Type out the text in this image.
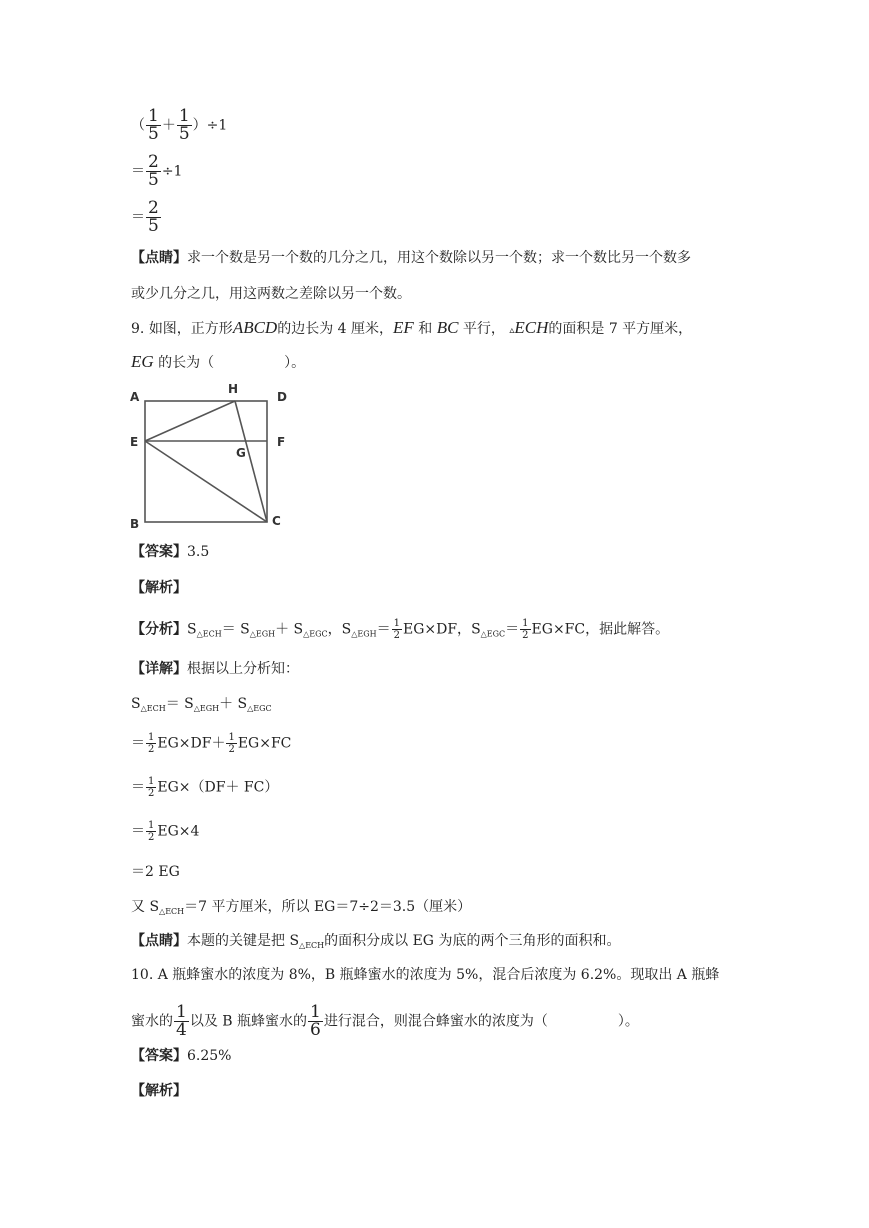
（ $\frac{1}{5} + \frac{1}{5} )\div 1$
＝ $\frac{2}{5} \div 1$
＝ $\frac{2}{5}$
【点睛】求一个数是另一个数的几分之几，用这个数除以另一个数；求一个数比另一个数多
或少几分之几，用这两数之差除以另一个数。
9. 如图，正方形ABCD的边长为 4 厘米，EF 和 BC 平行， ▵ECH的面积是 7 平方厘米，
EG 的长为（	）。
A
H
D
E	F
G
B	C
【答案】3.5
【解析】
【分析】$S_{\triangle ECH}= S_{\triangle EGH}+ S_{\triangle EGC}$，$S_{\triangle EGH}= \frac{1}{2} EG\times DF$，$S_{\triangle EGC}= \frac{1}{2} EG\times FC$，据此解答。
【详解】根据以上分析知：
$S_{\triangle ECH}= S_{\triangle EGH}+ S_{\triangle EGC}$
＝ $\frac{1}{2} EG\times DF+ \frac{1}{2} EG\times FC$
＝ $\frac{1}{2} EG\times(DF+ FC)$
＝ $\frac{1}{2} EG\times 4$
＝2 EG
又 $S_{\triangle ECH}=7$ 平方厘米，所以 EG＝7÷2＝3.5（厘米）
【点睛】本题的关键是把 $S_{\triangle ECH}$的面积分成以 EG 为底的两个三角形的面积和。
10. A 瓶蜂蜜水的浓度为 8%，B 瓶蜂蜜水的浓度为 5%，混合后浓度为 6.2%。现取出 A 瓶蜂
蜜水的 $\frac{1}{4}$ 以及 B 瓶蜂蜜水的 $\frac{1}{6}$ 进行混合，则混合蜂蜜水的浓度为（	）。
【答案】6.25%
【解析】
